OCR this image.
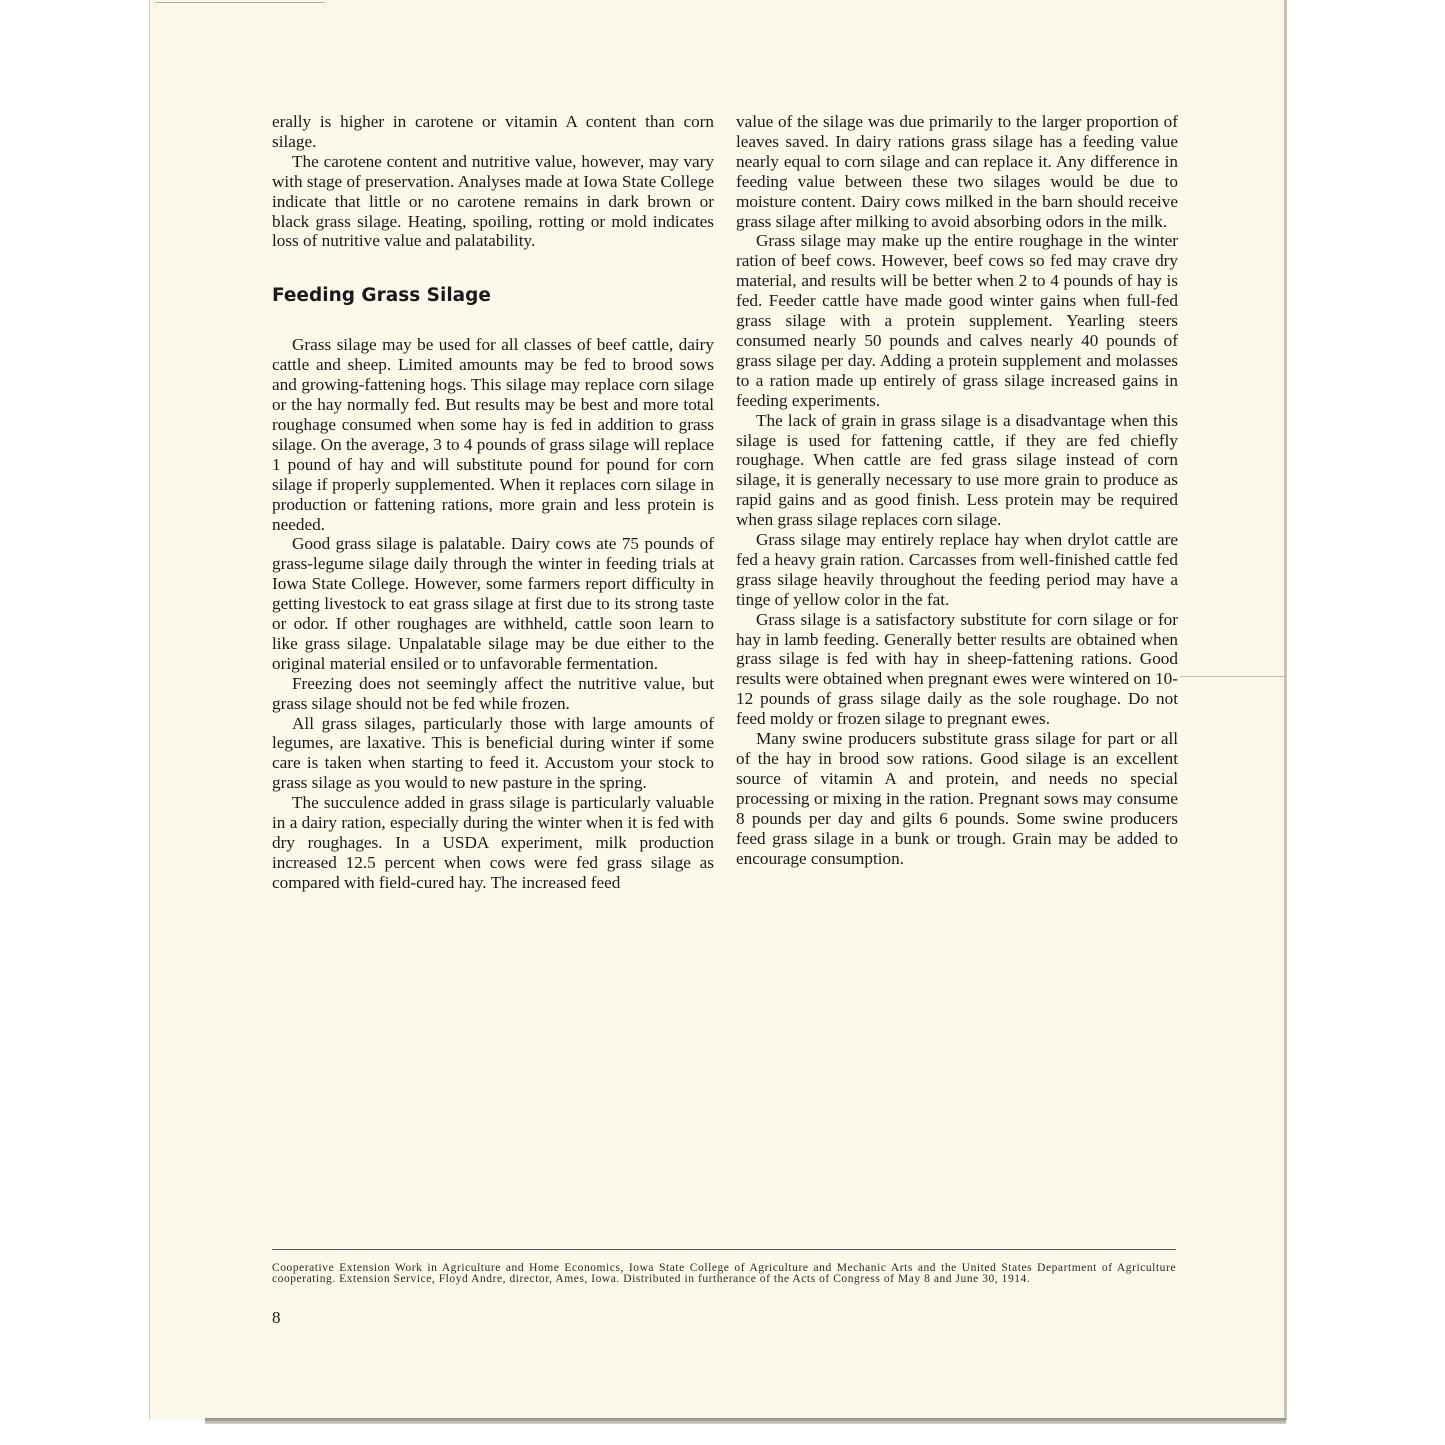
erally is higher in carotene or vitamin A content than corn silage.

The carotene content and nutritive value, however, may vary with stage of preservation. Analyses made at Iowa State College indicate that little or no carotene remains in dark brown or black grass silage. Heating, spoiling, rotting or mold indicates loss of nutritive value and palatability.

Feeding Grass Silage

Grass silage may be used for all classes of beef cattle, dairy cattle and sheep. Limited amounts may be fed to brood sows and growing-fattening hogs. This silage may replace corn silage or the hay normally fed. But results may be best and more total roughage consumed when some hay is fed in addition to grass silage. On the average, 3 to 4 pounds of grass silage will replace 1 pound of hay and will substitute pound for pound for corn silage if properly supplemented. When it replaces corn silage in production or fattening rations, more grain and less protein is needed.

Good grass silage is palatable. Dairy cows ate 75 pounds of grass-legume silage daily through the winter in feeding trials at Iowa State College. However, some farmers report difficulty in getting livestock to eat grass silage at first due to its strong taste or odor. If other roughages are withheld, cattle soon learn to like grass silage. Unpalatable silage may be due either to the original material ensiled or to unfavorable fermentation.

Freezing does not seemingly affect the nutritive value, but grass silage should not be fed while frozen.

All grass silages, particularly those with large amounts of legumes, are laxative. This is beneficial during winter if some care is taken when starting to feed it. Accustom your stock to grass silage as you would to new pasture in the spring.

The succulence added in grass silage is particularly valuable in a dairy ration, especially during the winter when it is fed with dry roughages. In a USDA experiment, milk production increased 12.5 percent when cows were fed grass silage as compared with field-cured hay. The increased feed

value of the silage was due primarily to the larger proportion of leaves saved. In dairy rations grass silage has a feeding value nearly equal to corn silage and can replace it. Any difference in feeding value between these two silages would be due to moisture content. Dairy cows milked in the barn should receive grass silage after milking to avoid absorbing odors in the milk.

Grass silage may make up the entire roughage in the winter ration of beef cows. However, beef cows so fed may crave dry material, and results will be better when 2 to 4 pounds of hay is fed. Feeder cattle have made good winter gains when full-fed grass silage with a protein supplement. Yearling steers consumed nearly 50 pounds and calves nearly 40 pounds of grass silage per day. Adding a protein supplement and molasses to a ration made up entirely of grass silage increased gains in feeding experiments.

The lack of grain in grass silage is a disadvantage when this silage is used for fattening cattle, if they are fed chiefly roughage. When cattle are fed grass silage instead of corn silage, it is generally necessary to use more grain to produce as rapid gains and as good finish. Less protein may be required when grass silage replaces corn silage.

Grass silage may entirely replace hay when drylot cattle are fed a heavy grain ration. Carcasses from well-finished cattle fed grass silage heavily throughout the feeding period may have a tinge of yellow color in the fat.

Grass silage is a satisfactory substitute for corn silage or for hay in lamb feeding. Generally better results are obtained when grass silage is fed with hay in sheep-fattening rations. Good results were obtained when pregnant ewes were wintered on 10-12 pounds of grass silage daily as the sole roughage. Do not feed moldy or frozen silage to pregnant ewes.

Many swine producers substitute grass silage for part or all of the hay in brood sow rations. Good silage is an excellent source of vitamin A and protein, and needs no special processing or mixing in the ration. Pregnant sows may consume 8 pounds per day and gilts 6 pounds. Some swine producers feed grass silage in a bunk or trough. Grain may be added to encourage consumption.

Cooperative Extension Work in Agriculture and Home Economics, Iowa State College of Agriculture and Mechanic Arts and the United States Department of Agriculture cooperating. Extension Service, Floyd Andre, director, Ames, Iowa. Distributed in furtherance of the Acts of Congress of May 8 and June 30, 1914.
8
